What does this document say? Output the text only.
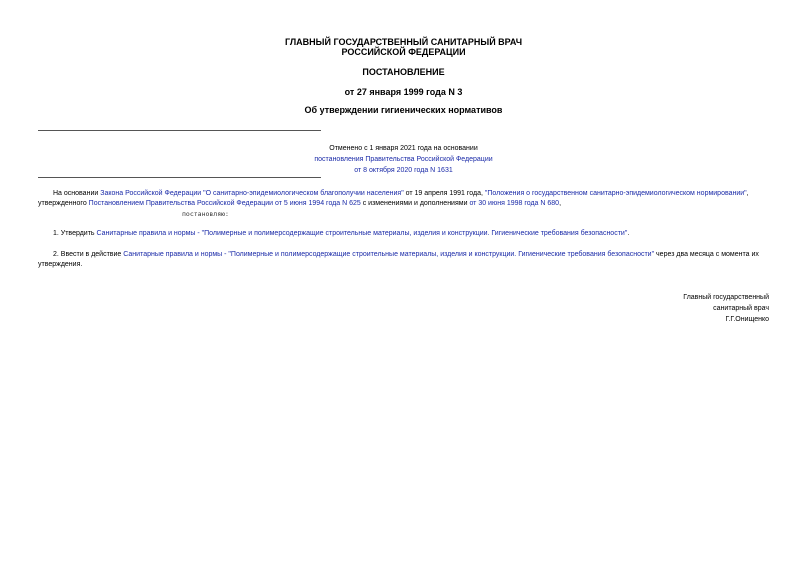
ГЛАВНЫЙ ГОСУДАРСТВЕННЫЙ САНИТАРНЫЙ ВРАЧ
РОССИЙСКОЙ ФЕДЕРАЦИИ
ПОСТАНОВЛЕНИЕ
от 27 января 1999 года N 3
Об утверждении гигиенических нормативов
Отменено с 1 января 2021 года на основании
постановления Правительства Российской Федерации
от 8 октября 2020 года N 1631
На основании Закона Российской Федерации "О санитарно-эпидемиологическом благополучии населения" от 19 апреля 1991 года, "Положения о государственном санитарно-эпидемиологическом нормировании", утвержденного Постановлением Правительства Российской Федерации от 5 июня 1994 года N 625 с изменениями и дополнениями от 30 июня 1998 года N 680,
постановляю:
1. Утвердить Санитарные правила и нормы - "Полимерные и полимерсодержащие строительные материалы, изделия и конструкции. Гигиенические требования безопасности".
2. Ввести в действие Санитарные правила и нормы - "Полимерные и полимерсодержащие строительные материалы, изделия и конструкции. Гигиенические требования безопасности" через два месяца с момента их утверждения.
Главный государственный
санитарный врач
Г.Г.Онищенко
